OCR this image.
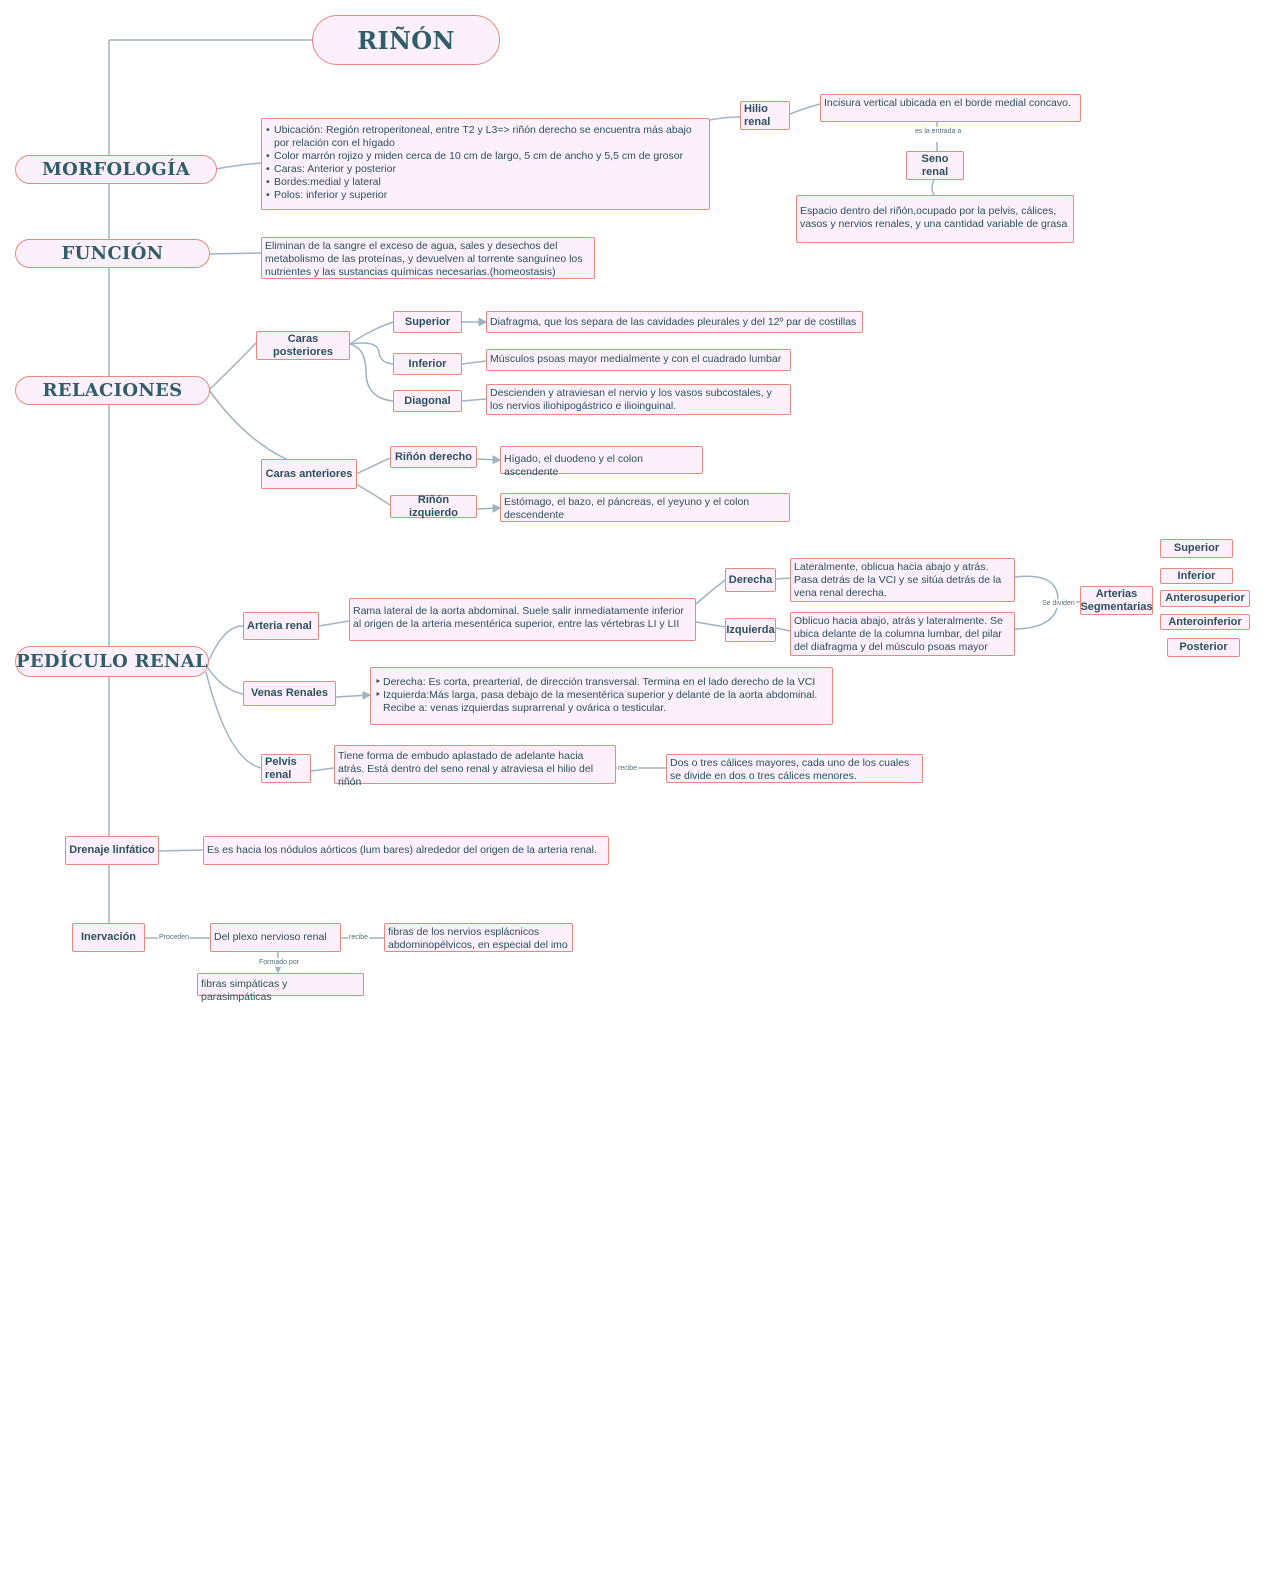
RIÑÓN
MORFOLOGÍA
FUNCIÓN
RELACIONES
PEDÍCULO RENAL
• Ubicación: Región retroperitoneal, entre T2 y L3=> riñón derecho se encuentra más abajo por relación con el hígado
• Color marrón rojizo y miden cerca de 10 cm de largo, 5 cm de ancho y 5,5 cm de grosor
• Caras: Anterior y posterior
• Bordes:medial y lateral
• Polos: inferior y superior
Hilio renal
Incisura vertical ubicada en el borde medial concavo.
es la entrada a
Seno renal
Espacio dentro del riñón,ocupado por la pelvis, cálices, vasos y nervios renales, y una cantidad variable de grasa
Eliminan de la sangre el exceso de agua, sales y desechos del metabolismo de las proteínas, y devuelven al torrente sanguíneo los nutrientes y las sustancias químicas necesarias.(homeostasis)
Caras posteriores
Superior	Diafragma, que los separa de las cavidades pleurales y del 12º par de costillas
Inferior	Músculos psoas mayor medialmente y con el cuadrado lumbar
Diagonal
Descienden y atraviesan el nervio y los vasos subcostales, y los nervios iliohipogástrico e ilioinguinal.
Caras anteriores
Riñón derecho	Hígado, el duodeno y el colon ascendente
Riñón izquierdo
Estómago, el bazo, el páncreas, el yeyuno y el colon descendente
Arteria renal
Rama lateral de la aorta abdominal. Suele salir inmediatamente inferior al origen de la arteria mesentérica superior, entre las vértebras LI y LII
Derecha
Lateralmente, oblicua hacia abajo y atrás. Pasa detrás de la VCI y se sitúa detrás de la vena renal derecha.
Izquierda
Oblicuo hacia abajo, atrás y lateralmente. Se ubica delante de la columna lumbar, del pilar del diafragma y del músculo psoas mayor
Se dividen
Arterias Segmentarias
Superior
Inferior
Anterosuperior
Anteroinferior
Posterior
Venas Renales
‣ Derecha: Es corta, prearterial, de dirección transversal. Termina en el lado derecho de la VCI
‣ Izquierda:Más larga, pasa debajo de la mesentérica superior y delante de la aorta abdominal. Recibe a: venas izquierdas suprarrenal y ovárica o testicular.
Pelvis renal
Tiene forma de embudo aplastado de adelante hacia atrás. Está dentro del seno renal y atraviesa el hilio del riñón
recibe	Dos o tres cálices mayores, cada uno de los cuales se divide en dos o tres cálices menores.
Drenaje linfático	Es es hacia los nódulos aórticos (lum bares) alrededor del origen de la arteria renal.
Inervación	Proceden	Del plexo nervioso renal	recibe	fibras de los nervios esplácnicos abdominopélvicos, en especial del imo
Formado por
fibras simpáticas y parasimpáticas
